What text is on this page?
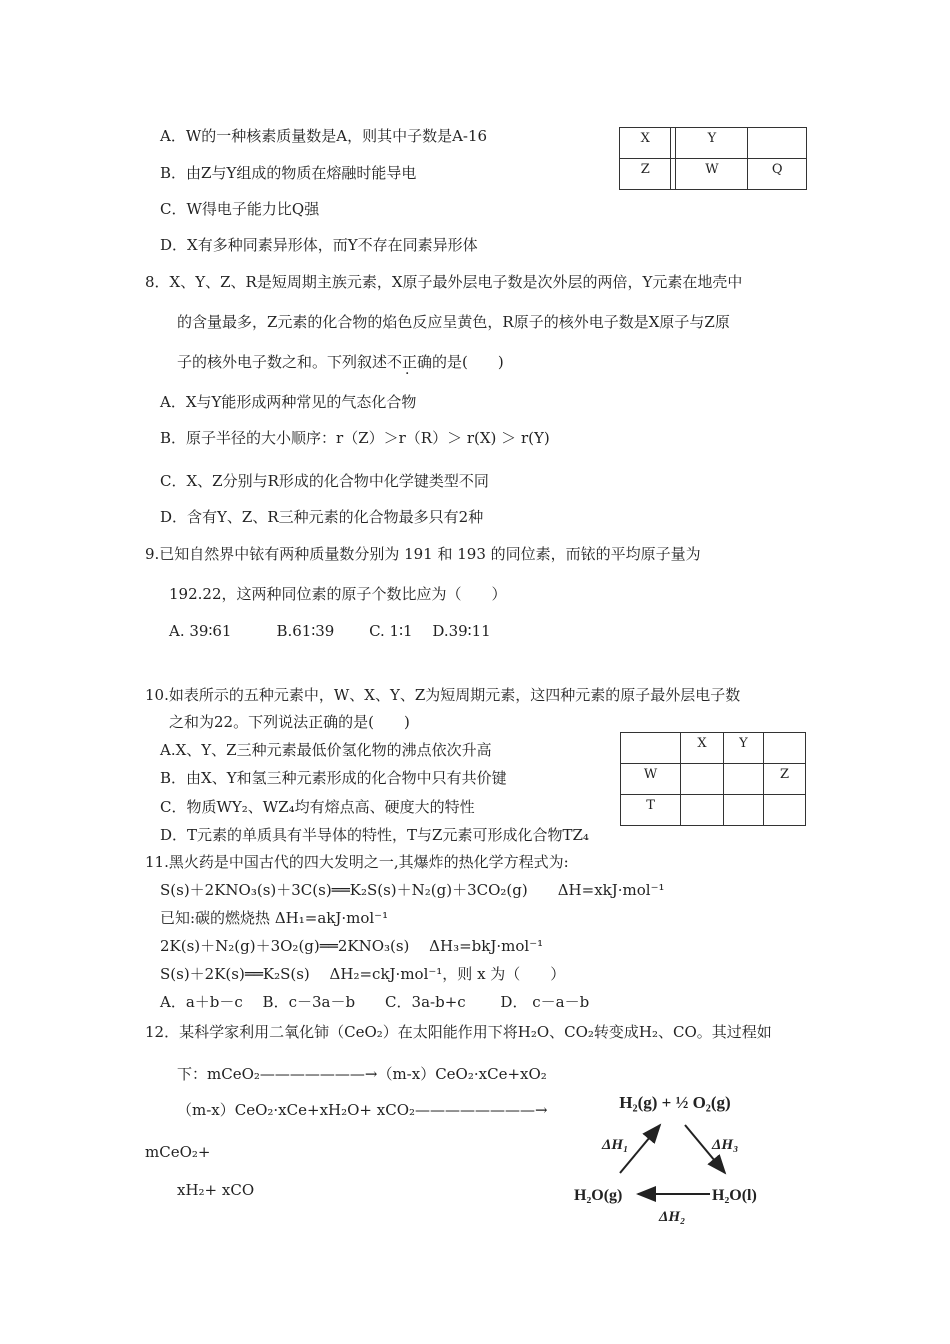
A．W的一种核素质量数是A，则其中子数是A-16
B．由Z与Y组成的物质在熔融时能导电
C．W得电子能力比Q强
D．X有多种同素异形体，而Y不存在同素异形体
X		Y	
Z		W	Q
8．X、Y、Z、R是短周期主族元素，X原子最外层电子数是次外层的两倍，Y元素在地壳中
的含量最多，Z元素的化合物的焰色反应呈黄色，R原子的核外电子数是X原子与Z原
子的核外电子数之和。下列叙述不正确的是(　　)
A．X与Y能形成两种常见的气态化合物
B．原子半径的大小顺序：r（Z）＞r（R）＞ r(X) ＞ r(Y)
C．X、Z分别与R形成的化合物中化学键类型不同
D．含有Y、Z、R三种元素的化合物最多只有2种
9.已知自然界中铱有两种质量数分别为 191 和 193 的同位素，而铱的平均原子量为
192.22，这两种同位素的原子个数比应为（　　）
A. 39∶61　　　B.61∶39　　 C. 1∶1　 D.39∶11
10.如表所示的五种元素中，W、X、Y、Z为短周期元素，这四种元素的原子最外层电子数
之和为22。下列说法正确的是(　　)
A.X、Y、Z三种元素最低价氢化物的沸点依次升高
B．由X、Y和氢三种元素形成的化合物中只有共价键
C．物质WY₂、WZ₄均有熔点高、硬度大的特性
D．T元素的单质具有半导体的特性，T与Z元素可形成化合物TZ₄
	X	Y	
W			Z
T			
11.黑火药是中国古代的四大发明之一,其爆炸的热化学方程式为:
S(s)＋2KNO₃(s)＋3C(s)══K₂S(s)＋N₂(g)＋3CO₂(g)　　ΔH=xkJ·mol⁻¹
已知:碳的燃烧热 ΔH₁=akJ·mol⁻¹
2K(s)＋N₂(g)＋3O₂(g)══2KNO₃(s)　 ΔH₃=bkJ·mol⁻¹
S(s)＋2K(s)══K₂S(s)　 ΔH₂=ckJ·mol⁻¹，则 x 为（　　）
A．a＋b－c　 B．c－3a－b　　C．3a-b+c　　 D． c－a－b
12．某科学家利用二氧化铈（CeO₂）在太阳能作用下将H₂O、CO₂转变成H₂、CO。其过程如
下：mCeO₂———————→（m-x）CeO₂·xCe+xO₂
（m-x）CeO₂·xCe+xH₂O+ xCO₂————————→
mCeO₂+
xH₂+ xCO
H₂(g) + ½ O₂(g)
ΔH₁	ΔH₃
H₂O(g)	H₂O(l)
ΔH₂
